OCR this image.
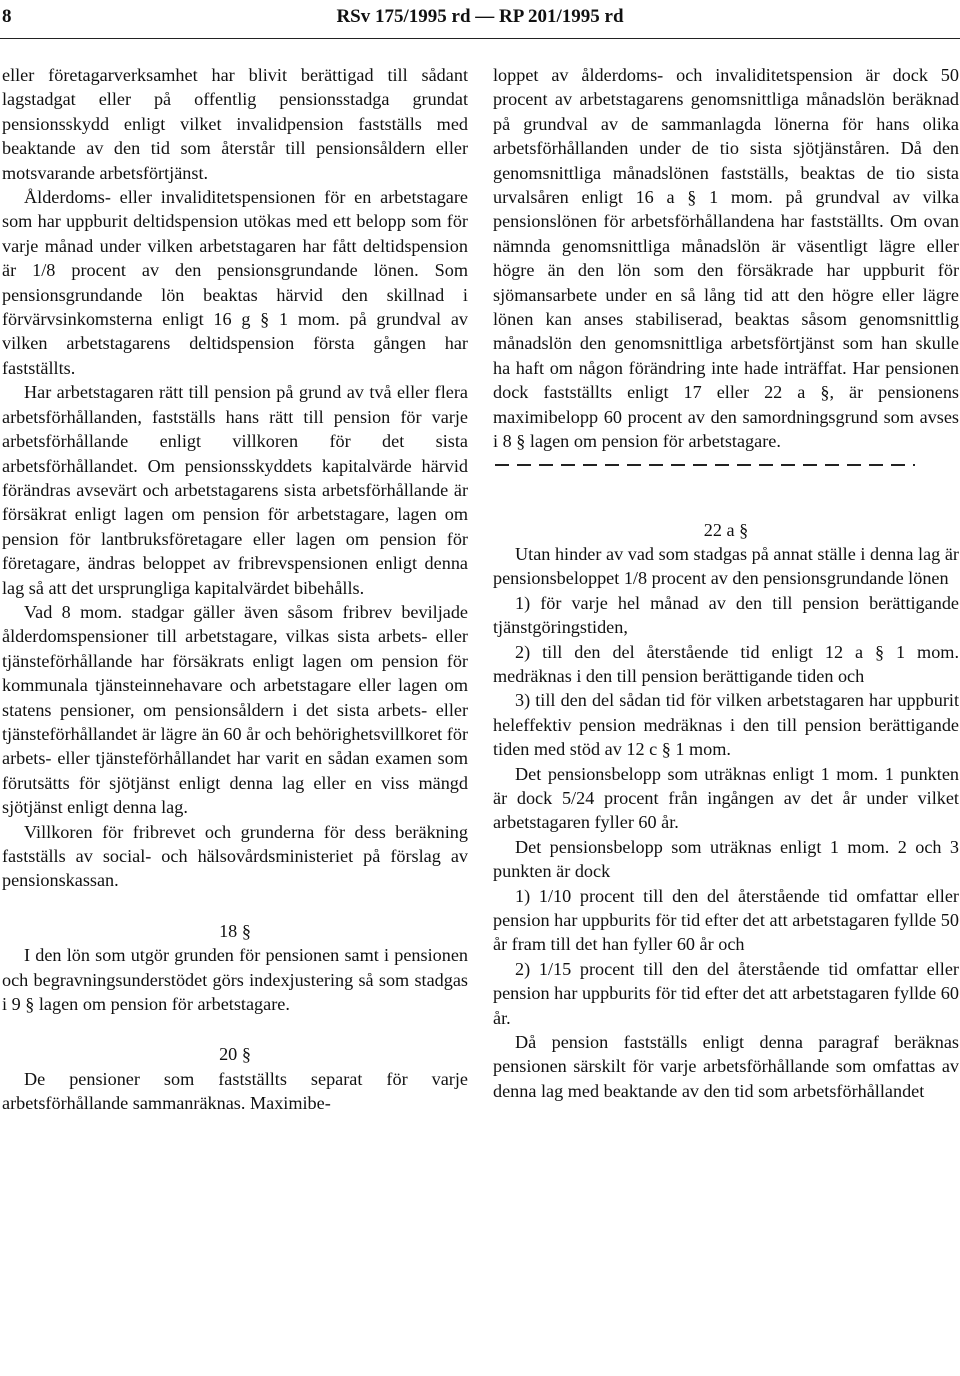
8	RSv 175/1995 rd — RP 201/1995 rd

eller företagarverksamhet har blivit berättigad till sådant lagstadgat eller på offentlig pensionsstadga grundat pensionsskydd enligt vilket invalidpension fastställs med beaktande av den tid som återstår till pensionsåldern eller motsvarande arbetsförtjänst.

Ålderdoms- eller invaliditetspensionen för en arbetstagare som har uppburit deltidspension utökas med ett belopp som för varje månad under vilken arbetstagaren har fått deltidspension är 1/8 procent av den pensionsgrundande lönen. Som pensionsgrundande lön beaktas härvid den skillnad i förvärvsinkomsterna enligt 16 g § 1 mom. på grundval av vilken arbetstagarens deltidspension första gången har fastställts.

Har arbetstagaren rätt till pension på grund av två eller flera arbetsförhållanden, fastställs hans rätt till pension för varje arbetsförhållande enligt villkoren för det sista arbetsförhållandet. Om pensionsskyddets kapitalvärde härvid förändras avsevärt och arbetstagarens sista arbetsförhållande är försäkrat enligt lagen om pension för arbetstagare, lagen om pension för lantbruksföretagare eller lagen om pension för företagare, ändras beloppet av fribrevspensionen enligt denna lag så att det ursprungliga kapitalvärdet bibehålls.

Vad 8 mom. stadgar gäller även såsom fribrev beviljade ålderdomspensioner till arbetstagare, vilkas sista arbets- eller tjänsteförhållande har försäkrats enligt lagen om pension för kommunala tjänsteinnehavare och arbetstagare eller lagen om statens pensioner, om pensionsåldern i det sista arbets- eller tjänsteförhållandet är lägre än 60 år och behörighetsvillkoret för arbets- eller tjänsteförhållandet har varit en sådan examen som förutsätts för sjötjänst enligt denna lag eller en viss mängd sjötjänst enligt denna lag.

Villkoren för fribrevet och grunderna för dess beräkning fastställs av social- och hälsovårdsministeriet på förslag av pensionskassan.

18 §

I den lön som utgör grunden för pensionen samt i pensionen och begravningsunderstödet görs indexjustering så som stadgas i 9 § lagen om pension för arbetstagare.

20 §

De pensioner som fastställts separat för varje arbetsförhållande sammanräknas. Maximibe-

loppet av ålderdoms- och invaliditetspension är dock 50 procent av arbetstagarens genomsnittliga månadslön beräknad på grundval av de sammanlagda lönerna för hans olika arbetsförhållanden under de tio sista sjötjänståren. Då den genomsnittliga månadslönen fastställs, beaktas de tio sista urvalsåren enligt 16 a § 1 mom. på grundval av vilka pensionslönen för arbetsförhållandena har fastställts. Om ovan nämnda genomsnittliga månadslön är väsentligt lägre eller högre än den lön som den försäkrade har uppburit för sjömansarbete under en så lång tid att den högre eller lägre lönen kan anses stabiliserad, beaktas såsom genomsnittlig månadslön den genomsnittliga arbetsförtjänst som han skulle ha haft om någon förändring inte hade inträffat. Har pensionen dock fastställts enligt 17 eller 22 a §, är pensionens maximibelopp 60 procent av den samordningsgrund som avses i 8 § lagen om pension för arbetstagare.

22 a §

Utan hinder av vad som stadgas på annat ställe i denna lag är pensionsbeloppet 1/8 procent av den pensionsgrundande lönen

1) för varje hel månad av den till pension berättigande tjänstgöringstiden,

2) till den del återstående tid enligt 12 a § 1 mom. medräknas i den till pension berättigande tiden och

3) till den del sådan tid för vilken arbetstagaren har uppburit heleffektiv pension medräknas i den till pension berättigande tiden med stöd av 12 c § 1 mom.

Det pensionsbelopp som uträknas enligt 1 mom. 1 punkten är dock 5/24 procent från ingången av det år under vilket arbetstagaren fyller 60 år.

Det pensionsbelopp som uträknas enligt 1 mom. 2 och 3 punkten är dock

1) 1/10 procent till den del återstående tid omfattar eller pension har uppburits för tid efter det att arbetstagaren fyllde 50 år fram till det han fyller 60 år och

2) 1/15 procent till den del återstående tid omfattar eller pension har uppburits för tid efter det att arbetstagaren fyllde 60 år.

Då pension fastställs enligt denna paragraf beräknas pensionen särskilt för varje arbetsförhållande som omfattas av denna lag med beaktande av den tid som arbetsförhållandet
